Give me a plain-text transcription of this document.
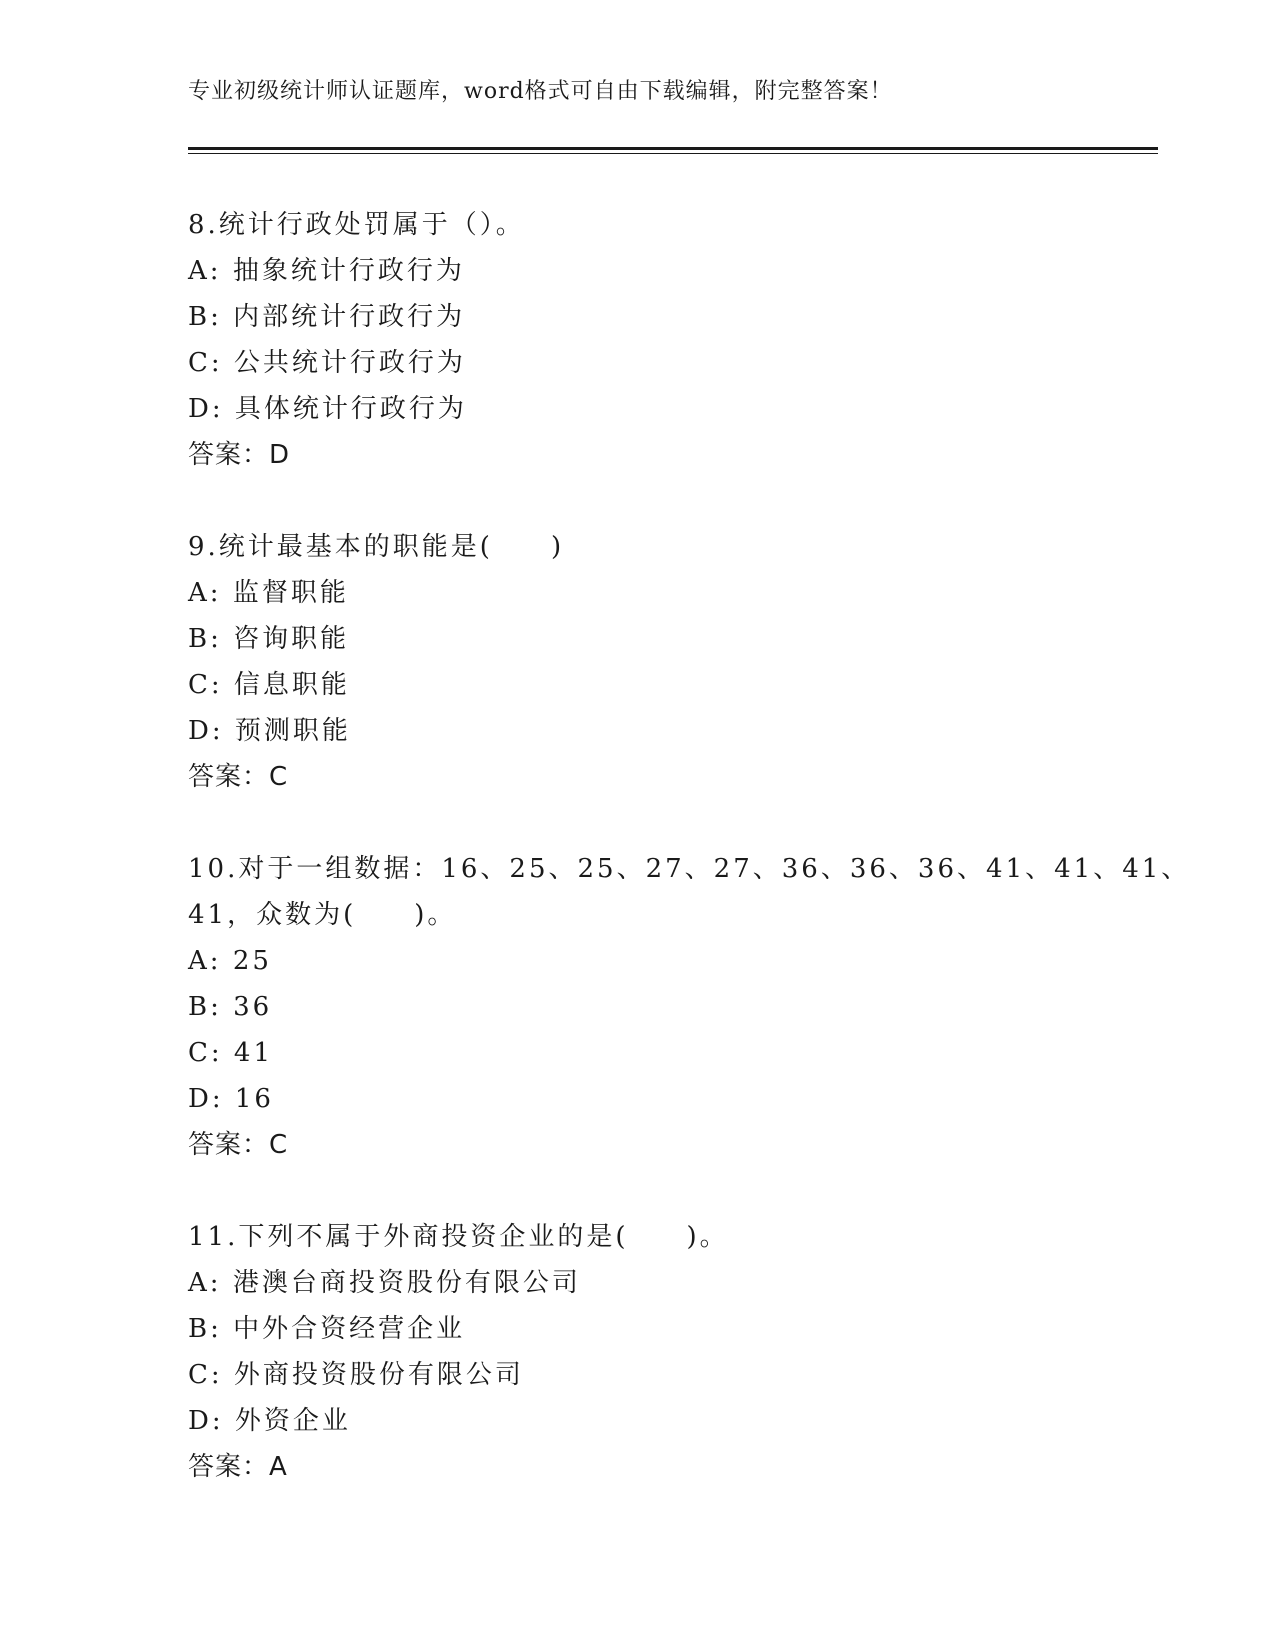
专业初级统计师认证题库，word格式可自由下载编辑，附完整答案！
8.统计行政处罚属于（）。
A: 抽象统计行政行为
B: 内部统计行政行为
C: 公共统计行政行为
D: 具体统计行政行为
答案：D
9.统计最基本的职能是(　　)
A: 监督职能
B: 咨询职能
C: 信息职能
D: 预测职能
答案：C
10.对于一组数据：16、25、25、27、27、36、36、36、41、41、41、
41，众数为(　　)。
A: 25
B: 36
C: 41
D: 16
答案：C
11.下列不属于外商投资企业的是(　　)。
A: 港澳台商投资股份有限公司
B: 中外合资经营企业
C: 外商投资股份有限公司
D: 外资企业
答案：A
